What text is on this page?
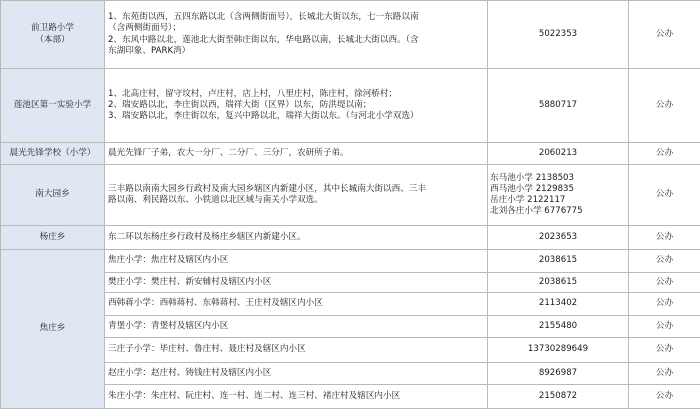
前卫路小学
（本部）	1、东苑街以西，五四东路以北（含两侧街面号），长城北大街以东，七一东路以南
（含两侧街面号）；
2、东风中路以北，莲池北大街至韩庄街以东，华电路以南，长城北大街以西。（含
东湖印象、PARK湾）	5022353	公办
莲池区第一实验小学	1、北高庄村，留守坟村，卢庄村，店上村，八里庄村，陈庄村，徐河桥村；
2、瑞安路以北，李庄街以西，瑞祥大街（区界）以东，防洪堤以南；
3、瑞安路以北，李庄街以东，复兴中路以北，瑞祥大街以东。（与河北小学双选）	5880717	公办
晨光先锋学校（小学）	晨光先锋厂子弟，农大一分厂、二分厂、三分厂，农研所子弟。	2060213	公办
南大园乡	三丰路以南南大园乡行政村及南大园乡辖区内新建小区，其中长城南大街以西、三丰
路以南、利民路以东、小铁道以北区域与南关小学双选。	东马池小学 2138503
西马池小学 2129835
岳庄小学 2122117
北刘各庄小学 6776775	公办
杨庄乡	东二环以东杨庄乡行政村及杨庄乡辖区内新建小区。	2023653	公办
焦庄乡	焦庄小学：焦庄村及辖区内小区	2038615	公办
	樊庄小学：樊庄村、新安辅村及辖区内小区	2038615	公办
	西韩蒋小学：西韩蒋村、东韩蒋村、王庄村及辖区内小区	2113402	公办
	青堡小学：青堡村及辖区内小区	2155480	公办
	三庄子小学：毕庄村、鲁庄村、聂庄村及辖区内小区	13730289649	公办
	赵庄小学：赵庄村、铸钱庄村及辖区内小区	8926987	公办
	朱庄小学：朱庄村、阮庄村、连一村、连二村、连三村、褚庄村及辖区内小区	2150872	公办
